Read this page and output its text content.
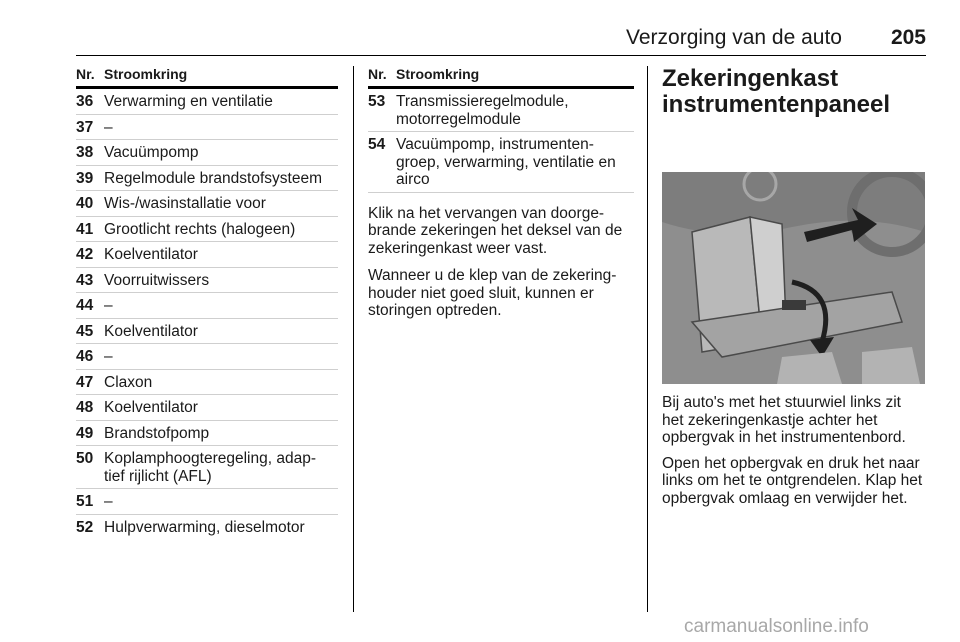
Verzorging van de auto 205
Nr. Stroomkring
36 Verwarming en ventilatie
37 –
38 Vacuümpomp
39 Regelmodule brandstofsysteem
40 Wis-/wasinstallatie voor
41 Grootlicht rechts (halogeen)
42 Koelventilator
43 Voorruitwissers
44 –
45 Koelventilator
46 –
47 Claxon
48 Koelventilator
49 Brandstofpomp
50 Koplamphoogteregeling, adap-
tief rijlicht (AFL)
51 –
52 Hulpverwarming, dieselmotor
Nr. Stroomkring
53 Transmissieregelmodule,
motorregelmodule
54 Vacuümpomp, instrumenten-
groep, verwarming, ventilatie en
airco

Klik na het vervangen van doorge-
brande zekeringen het deksel van de
zekeringenkast weer vast.

Wanneer u de klep van de zekering-
houder niet goed sluit, kunnen er
storingen optreden.

Zekeringenkast
instrumentenpaneel

Bij auto's met het stuurwiel links zit
het zekeringenkastje achter het
opbergvak in het instrumentenbord.

Open het opbergvak en druk het naar
links om het te ontgrendelen. Klap het
opbergvak omlaag en verwijder het.

carmanualsonline.info
